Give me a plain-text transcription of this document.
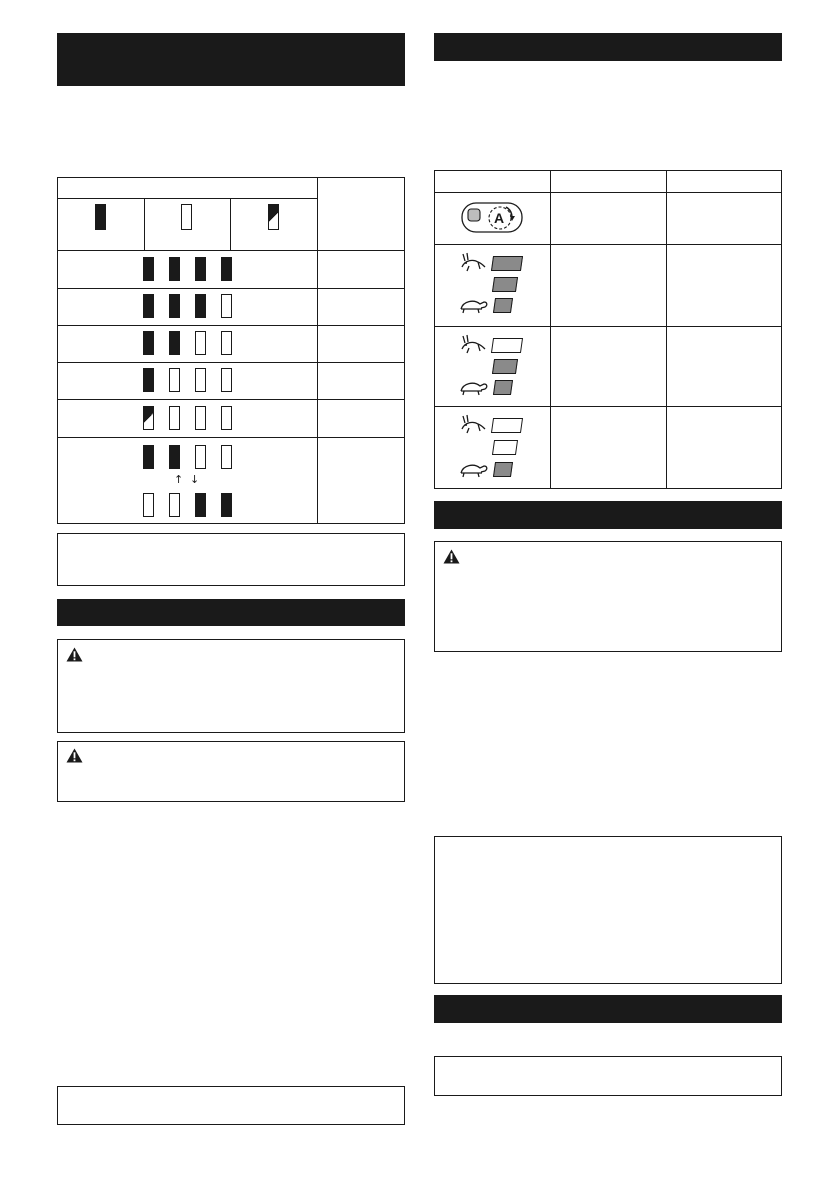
↑ ↓
A
